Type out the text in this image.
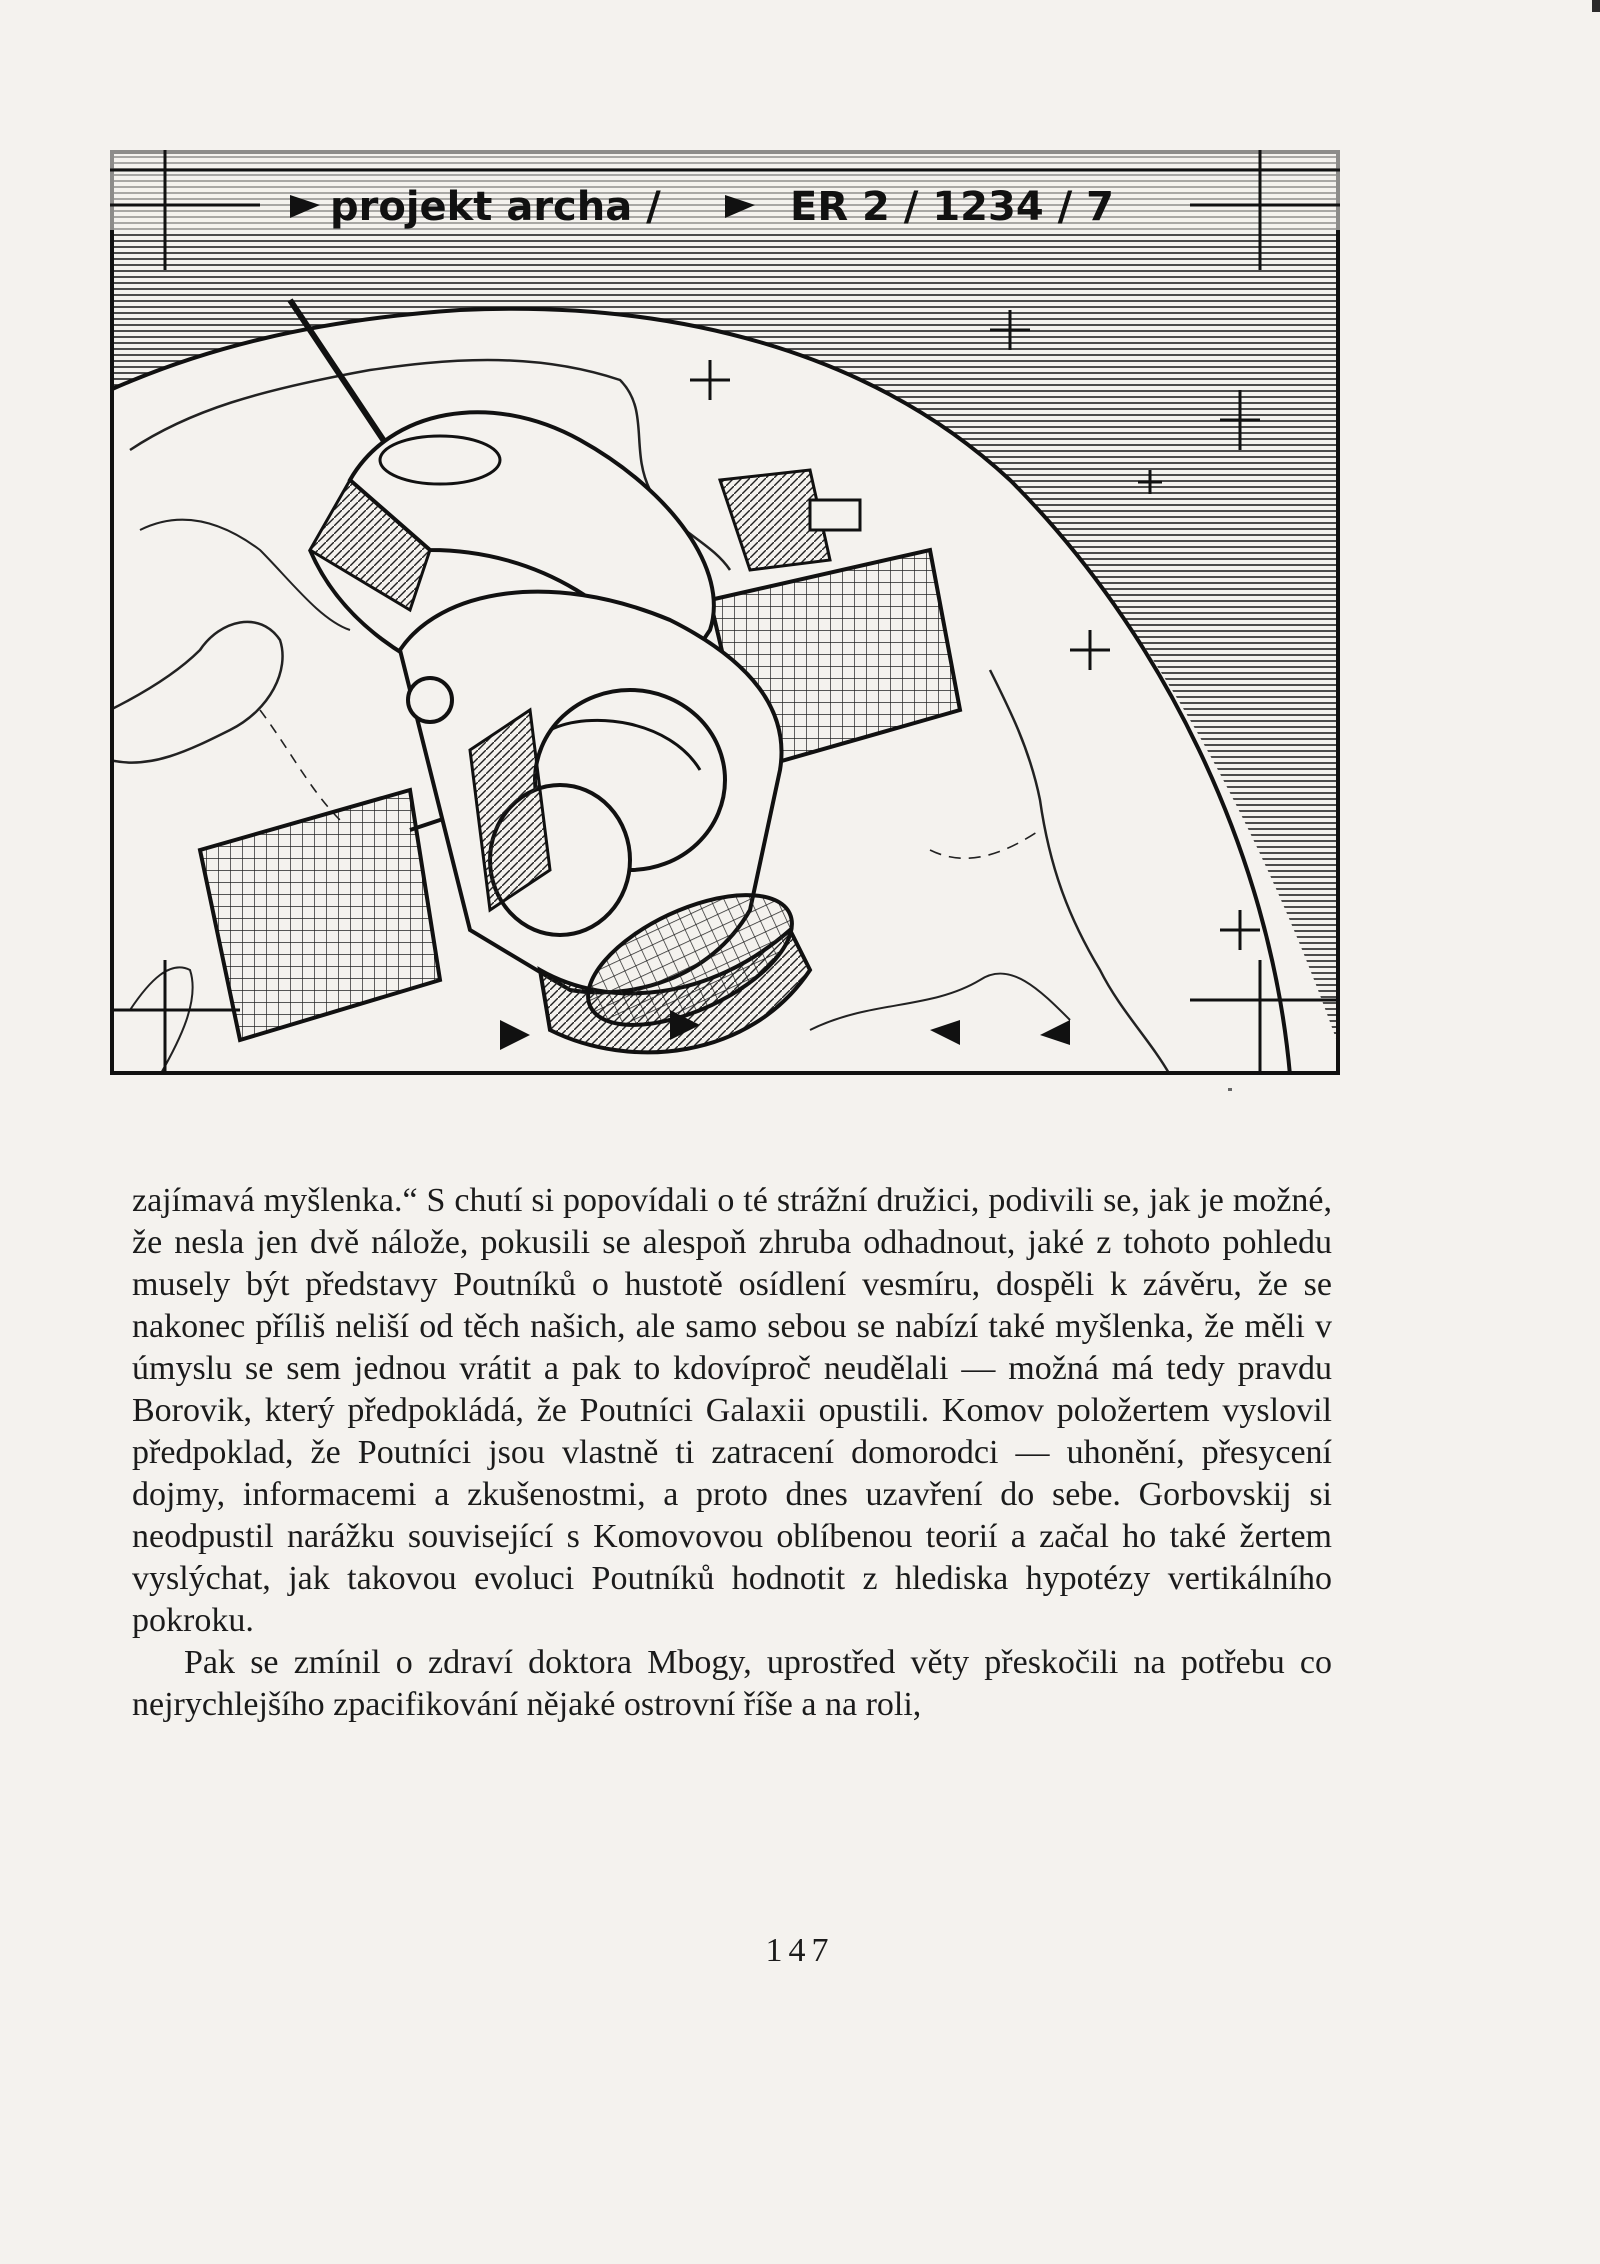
projekt archa /	ER 2 / 1234 / 7

zajímavá myšlenka.“ S chutí si popovídali o té strážní družici, podivili se, jak je možné, že nesla jen dvě nálože, pokusili se alespoň zhruba odhadnout, jaké z tohoto pohledu musely být představy Poutníků o hustotě osídlení vesmíru, dospěli k závěru, že se nakonec příliš neliší od těch našich, ale samo sebou se nabízí také myšlenka, že měli v úmyslu se sem jednou vrátit a pak to kdovíproč neudělali — možná má tedy pravdu Borovik, který předpokládá, že Poutníci Galaxii opustili. Komov položertem vyslovil předpoklad, že Poutníci jsou vlastně ti zatracení domorodci — uhonění, přesycení dojmy, informacemi a zkušenostmi, a proto dnes uzavření do sebe. Gorbovskij si neodpustil narážku související s Komovovou oblíbenou teorií a začal ho také žertem vyslýchat, jak takovou evoluci Poutníků hodnotit z hlediska hypotézy vertikálního pokroku.

Pak se zmínil o zdraví doktora Mbogy, uprostřed věty přeskočili na potřebu co nejrychlejšího zpacifikování nějaké ostrovní říše a na roli,

147
